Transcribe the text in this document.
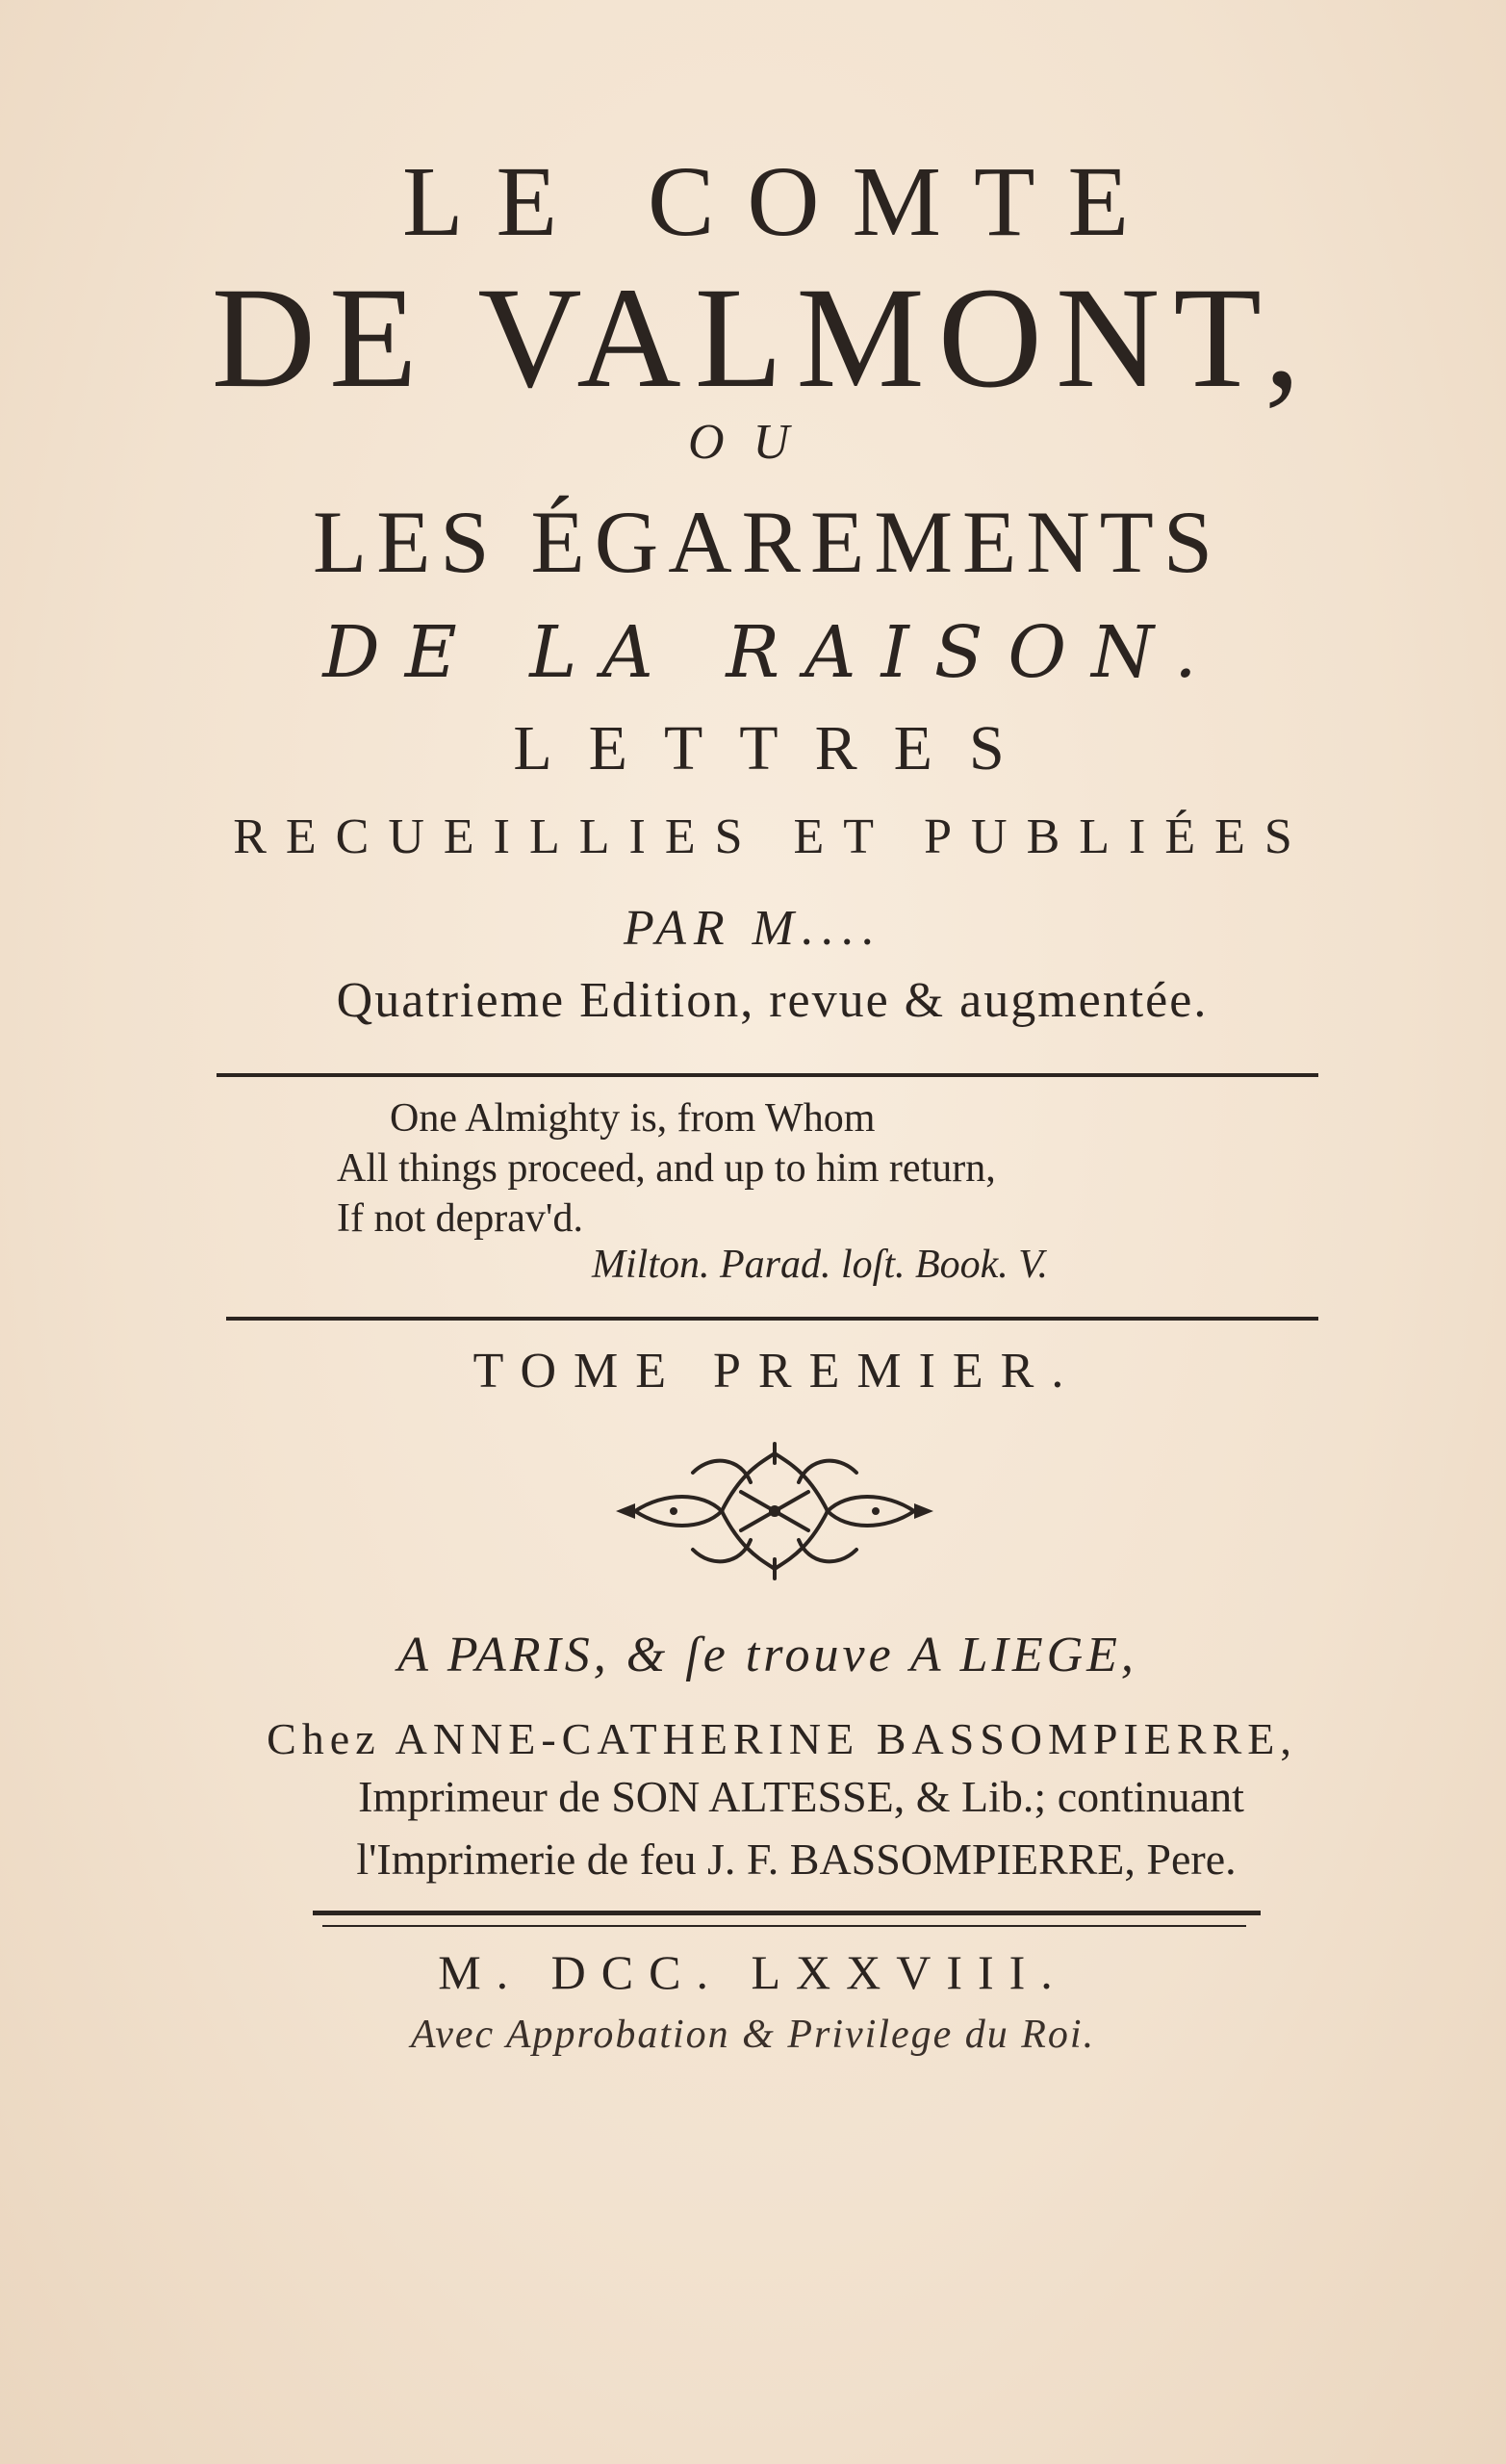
LE COMTE
DE VALMONT,
OU
LES ÉGAREMENTS
DE LA RAISON.
LETTRES
RECUEILLIES ET PUBLIÉES
PAR M....
Quatrieme Edition, revue & augmentée.
One Almighty is, from Whom
All things proceed, and up to him return,
If not deprav'd.
Milton. Parad. loſt. Book. V.
TOME PREMIER.
A PARIS, & ſe trouve A LIEGE,
Chez ANNE-CATHERINE BASSOMPIERRE,
Imprimeur de SON ALTESSE, & Lib.; continuant
l'Imprimerie de feu J. F. BASSOMPIERRE, Pere.
M. DCC. LXXVIII.
Avec Approbation & Privilege du Roi.
